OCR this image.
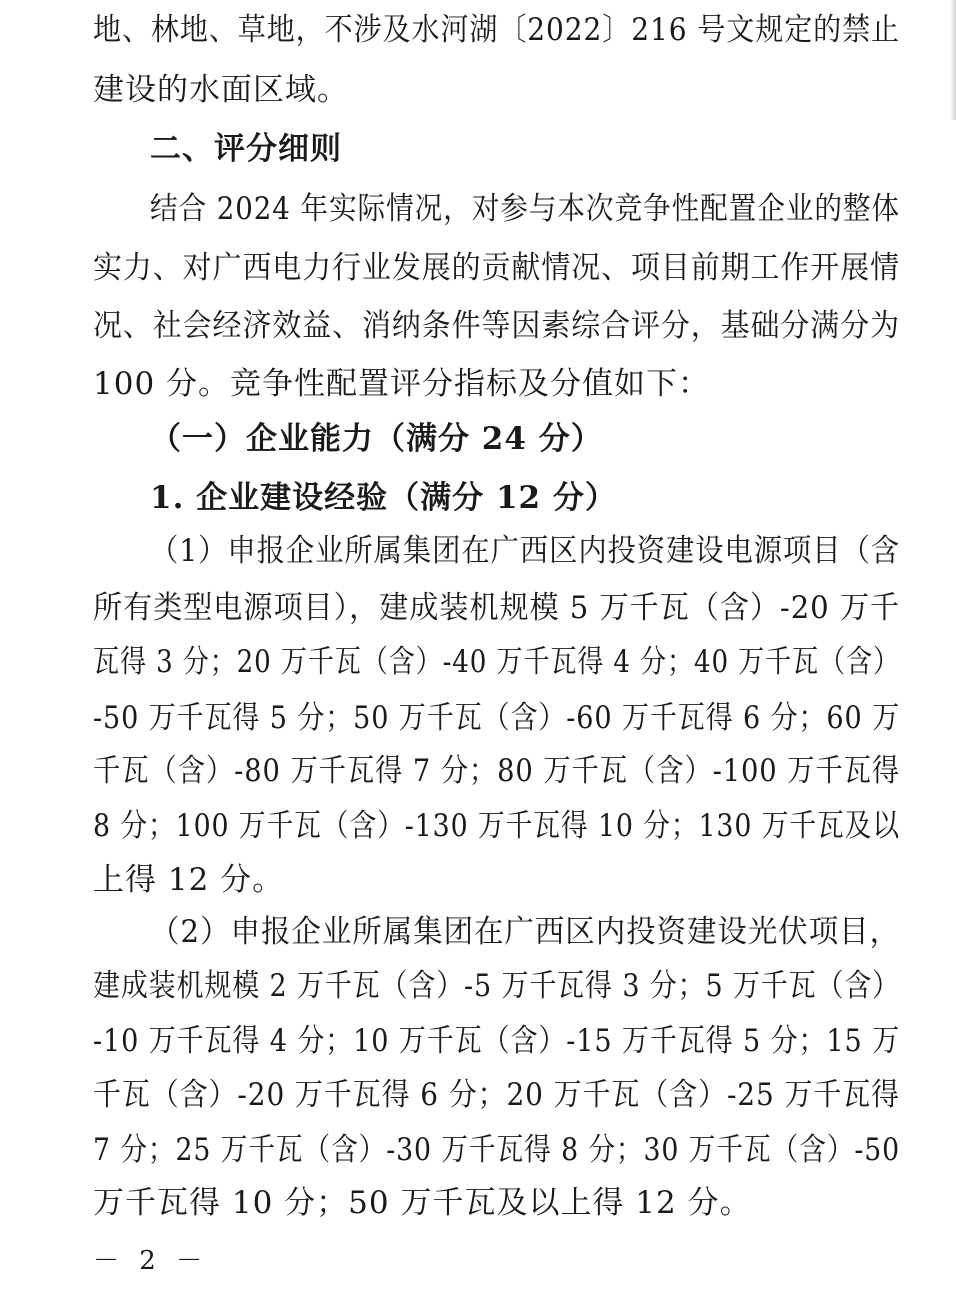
地、林地、草地，不涉及水河湖〔2022〕216 号文规定的禁止
建设的水面区域。
二、评分细则
结合 2024 年实际情况，对参与本次竞争性配置企业的整体
实力、对广西电力行业发展的贡献情况、项目前期工作开展情
况、社会经济效益、消纳条件等因素综合评分，基础分满分为
100 分。竞争性配置评分指标及分值如下：
（一）企业能力（满分 24 分）
1. 企业建设经验（满分 12 分）
（1）申报企业所属集团在广西区内投资建设电源项目（含
所有类型电源项目），建成装机规模 5 万千瓦（含）-20 万千
瓦得 3 分；20 万千瓦（含）-40 万千瓦得 4 分；40 万千瓦（含）
-50 万千瓦得 5 分；50 万千瓦（含）-60 万千瓦得 6 分；60 万
千瓦（含）-80 万千瓦得 7 分；80 万千瓦（含）-100 万千瓦得
8 分；100 万千瓦（含）-130 万千瓦得 10 分；130 万千瓦及以
上得 12 分。
（2）申报企业所属集团在广西区内投资建设光伏项目，
建成装机规模 2 万千瓦（含）-5 万千瓦得 3 分；5 万千瓦（含）
-10 万千瓦得 4 分；10 万千瓦（含）-15 万千瓦得 5 分；15 万
千瓦（含）-20 万千瓦得 6 分；20 万千瓦（含）-25 万千瓦得
7 分；25 万千瓦（含）-30 万千瓦得 8 分；30 万千瓦（含）-50
万千瓦得 10 分；50 万千瓦及以上得 12 分。
－ 2 －
